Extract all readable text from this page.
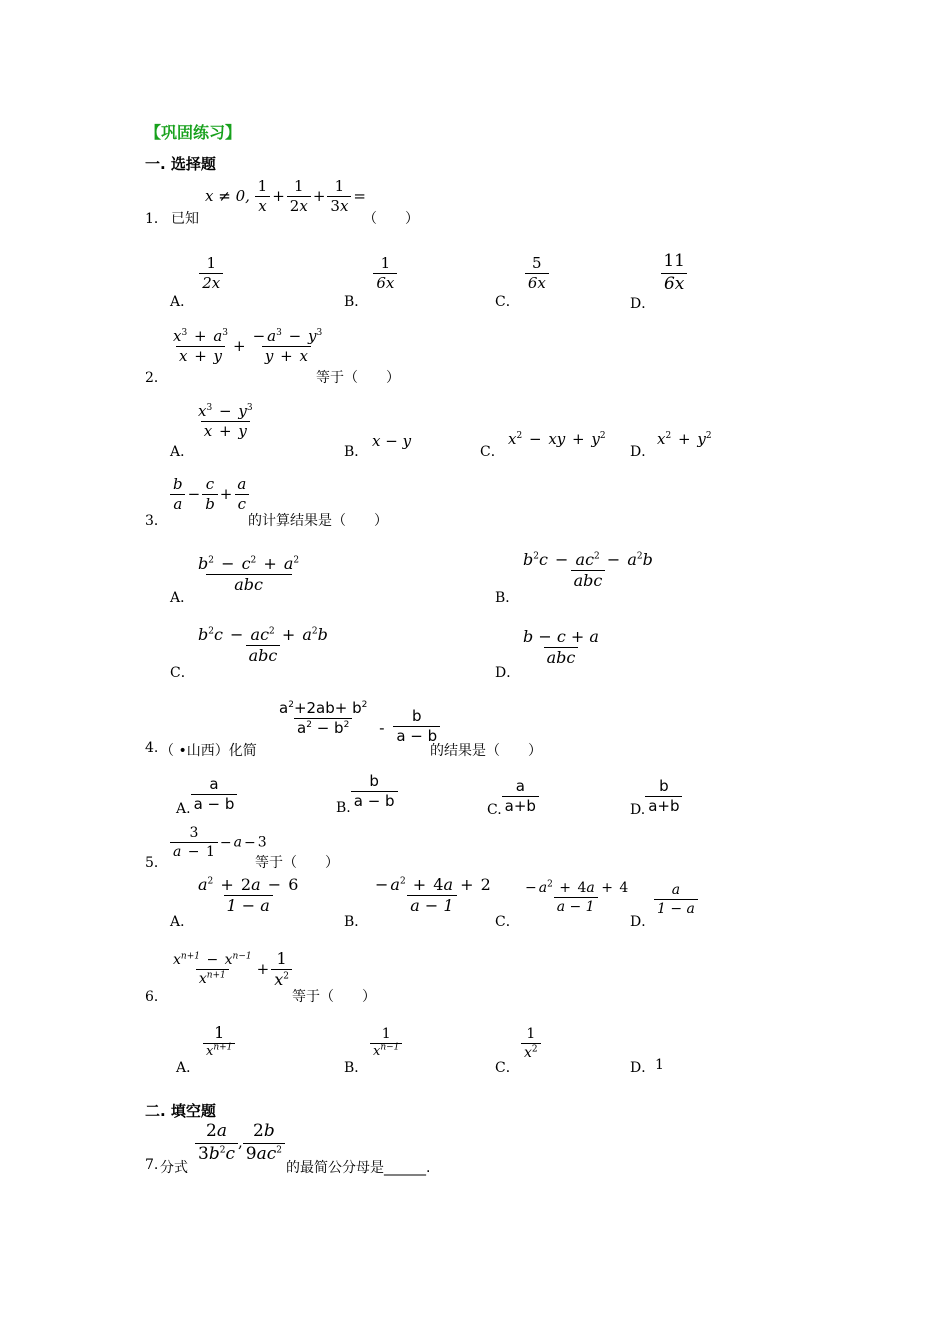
【巩固练习】
一. 选择题
1． 已知
x ≠ 0, $\frac{1}{x} + \frac{1}{2x} + \frac{1}{3x}$ =
（　　）
A．
$\frac{1}{2x}$
B．
$\frac{1}{6x}$
C．
$\frac{5}{6x}$
D．
$\frac{11}{6x}$
2．
$\frac{x^3 + a^3}{x + y} + \frac{- a^3 - y^3}{y + x}$
等于（　　）
A．
$\frac{x^3 - y^3}{x + y}$
B．
x − y
C．
$x^2$ − xy + $y^2$
D．
$x^2 + y^2$
3．
$\frac{b}{a} - \frac{c}{b} + \frac{a}{c}$
的计算结果是（　　）
A．
$\frac{b^2 - c^2 + a^2}{\text{abc}}$
B．
$\frac{b^2c - ac^2 - a^2b}{\text{abc}}$
C．
$\frac{b^2c - ac^2 + a^2b}{\text{abc}}$
D．
$\frac{b - c + a}{\text{abc}}$
4. （ •山西）化简
$\frac{a^2+2ab+ b^2}{a^2 - b^2} - \frac{b}{a - b}$
的结果是（　　）
A. $\frac{a}{a - b}$	B. $\frac{b}{a - b}$	C. $\frac{a}{a+b}$	D. $\frac{b}{a+b}$
5．
$\frac{3}{a - 1} - a - 3$
等于（　　）
A．
$\frac{a^2 + 2a - 6}{1 - a}$
B．
$\frac{- a^2 + 4a + 2}{a - 1}$
C．
$\frac{- a^2 + 4a + 4}{a - 1}$
D．
$\frac{a}{1 - a}$
6．
$\frac{x^{n+1} - x^{n-1}}{x^{n+1}} + \frac{1}{x^2}$
等于（　　）
A．
$\frac{1}{x^{n+1}}$
B．
$\frac{1}{x^{n-1}}$
C．
$\frac{1}{x^2}$
D． 1
二. 填空题
7. 分式
$\frac{2a}{3b^2c}$ , $\frac{2b}{9ac^2}$
的最简公分母是______.
